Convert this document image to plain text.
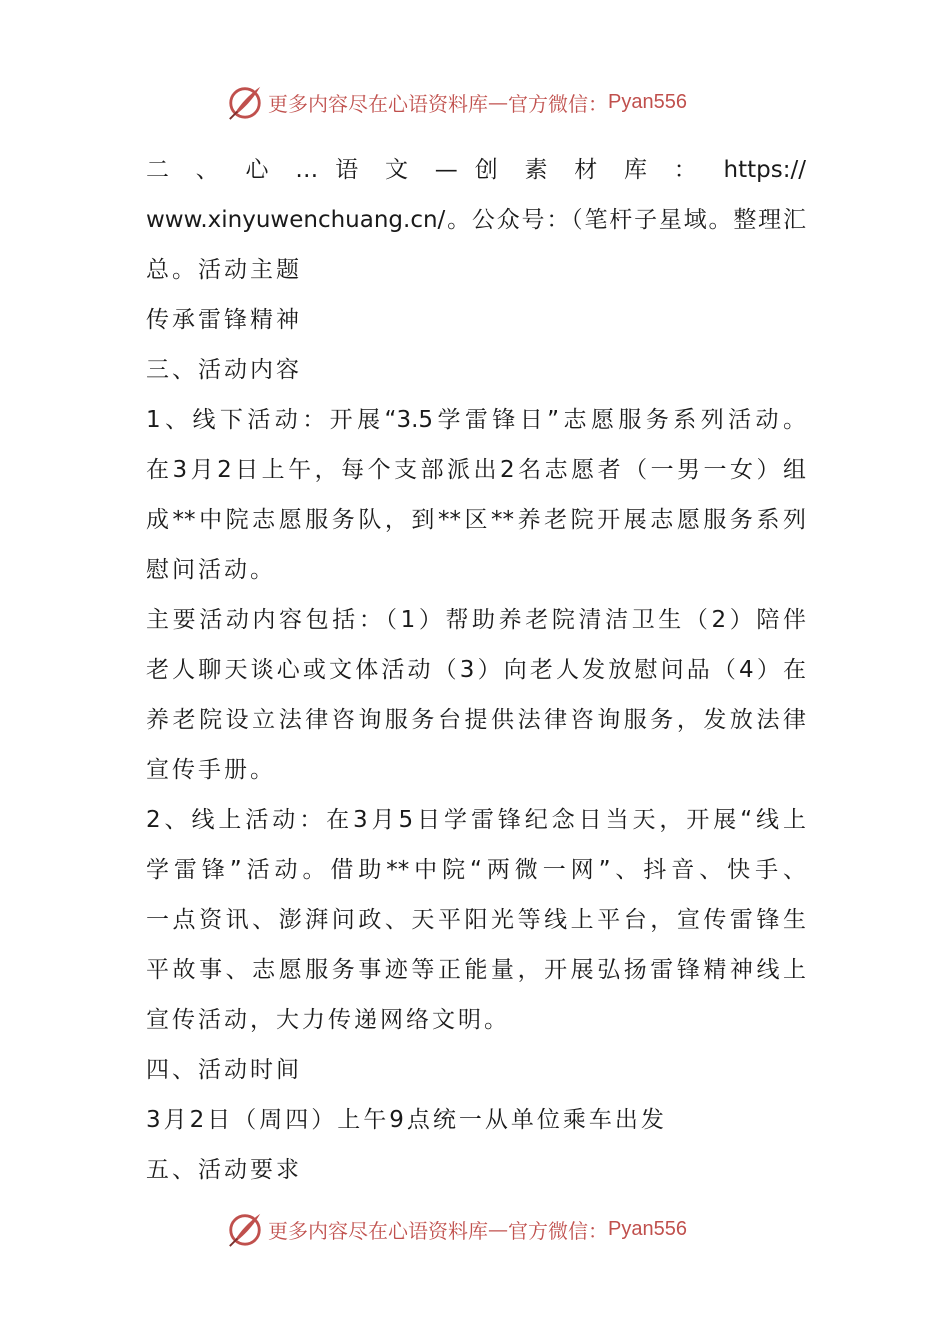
更多内容尽在心语资料库 — 官方微信： Pyan556
二 、 心 … 语 文 — 创 素 材 库 ： https://
www.xinyuwenchuang.cn/。公众号：（笔杆子星域。整理汇
总。活动主题
传承雷锋精神
三、活动内容
1、线下活动：开展“3.5学雷锋日”志愿服务系列活动。
在3月2日上午，每个支部派出2名志愿者（一男一女）组
成**中院志愿服务队，到**区**养老院开展志愿服务系列
慰问活动。
主要活动内容包括：（1）帮助养老院清洁卫生（2）陪伴
老人聊天谈心或文体活动（3）向老人发放慰问品（4）在
养老院设立法律咨询服务台提供法律咨询服务，发放法律
宣传手册。
2、线上活动：在3月5日学雷锋纪念日当天，开展“线上
学雷锋”活动。借助**中院“两微一网”、抖音、快手、
一点资讯、澎湃问政、天平阳光等线上平台，宣传雷锋生
平故事、志愿服务事迹等正能量，开展弘扬雷锋精神线上
宣传活动，大力传递网络文明。
四、活动时间
3月2日（周四）上午9点统一从单位乘车出发
五、活动要求
更多内容尽在心语资料库 — 官方微信： Pyan556
